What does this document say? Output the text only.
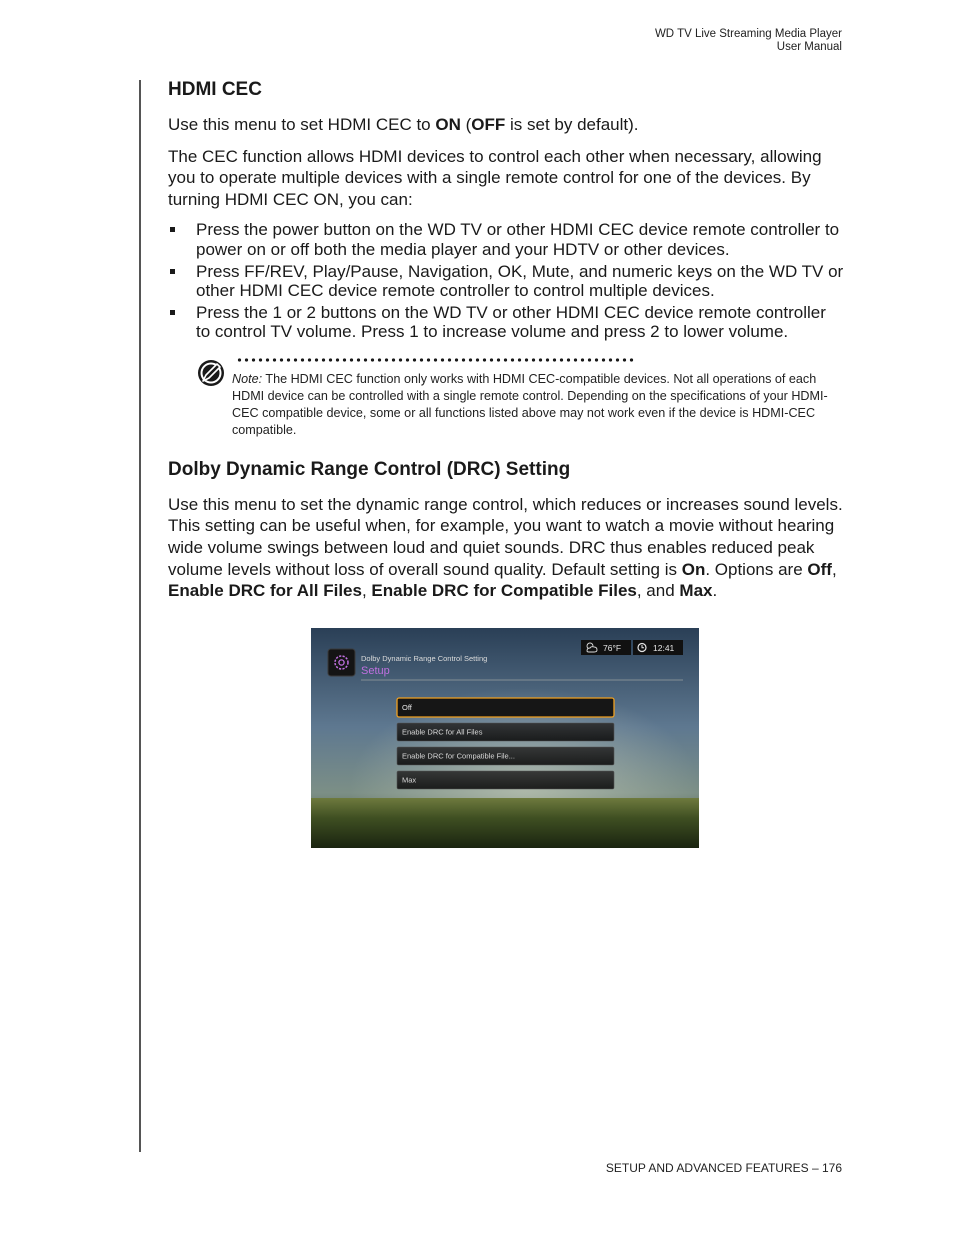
WD TV Live Streaming Media Player
User Manual
HDMI CEC

Use this menu to set HDMI CEC to ON (OFF is set by default).

The CEC function allows HDMI devices to control each other when necessary, allowing you to operate multiple devices with a single remote control for one of the devices. By turning HDMI CEC ON, you can:

Press the power button on the WD TV or other HDMI CEC device remote controller to power on or off both the media player and your HDTV or other devices.
Press FF/REV, Play/Pause, Navigation, OK, Mute, and numeric keys on the WD TV or other HDMI CEC device remote controller to control multiple devices.
Press the 1 or 2 buttons on the WD TV or other HDMI CEC device remote controller to control TV volume. Press 1 to increase volume and press 2 to lower volume.
Note: The HDMI CEC function only works with HDMI CEC-compatible devices. Not all operations of each HDMI device can be controlled with a single remote control. Depending on the specifications of your HDMI-CEC compatible device, some or all functions listed above may not work even if the device is HDMI-CEC compatible.
Dolby Dynamic Range Control (DRC) Setting

Use this menu to set the dynamic range control, which reduces or increases sound levels. This setting can be useful when, for example, you want to watch a movie without hearing wide volume swings between loud and quiet sounds. DRC thus enables reduced peak volume levels without loss of overall sound quality. Default setting is On. Options are Off, Enable DRC for All Files, Enable DRC for Compatible Files, and Max.

Dolby Dynamic Range Control Setting
Setup
76°F	12:41
Off
Enable DRC for All Files
Enable DRC for Compatible File...
Max
SETUP AND ADVANCED FEATURES – 176
